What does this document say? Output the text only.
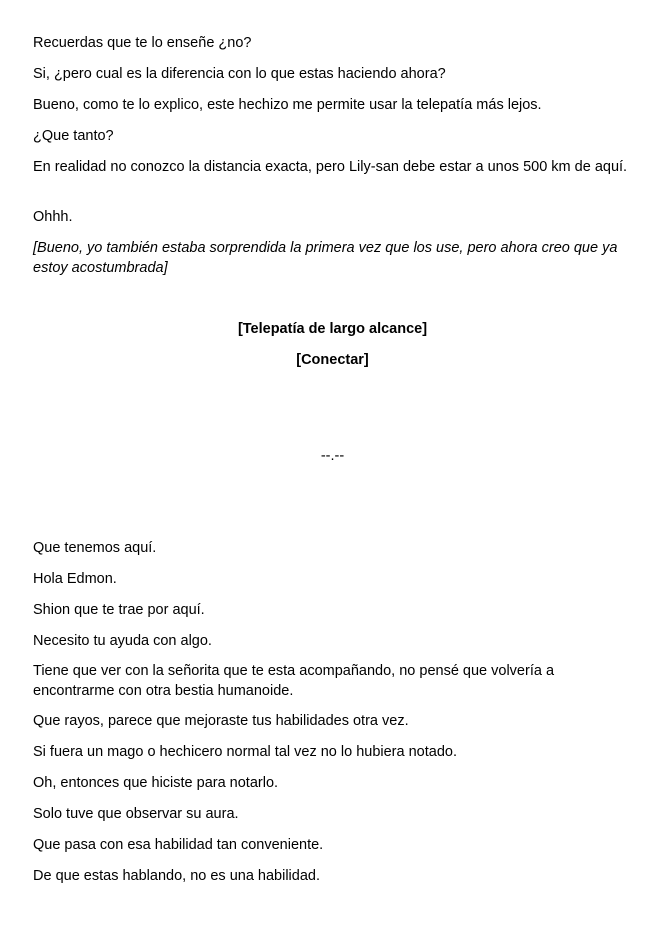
Recuerdas que te lo enseñe ¿no?

Si, ¿pero cual es la diferencia con lo que estas haciendo ahora?

Bueno, como te lo explico, este hechizo me permite usar la telepatía más lejos.

¿Que tanto?

En realidad no conozco la distancia exacta, pero Lily-san debe estar a unos 500 km de aquí.

Ohhh.

[Bueno, yo también estaba sorprendida la primera vez que los use, pero ahora creo que ya estoy acostumbrada]

[Telepatía de largo alcance]

[Conectar]

--.--

Que tenemos aquí.

Hola Edmon.

Shion que te trae por aquí.

Necesito tu ayuda con algo.

Tiene que ver con la señorita que te esta acompañando, no pensé que volvería a encontrarme con otra bestia humanoide.

Que rayos, parece que mejoraste tus habilidades otra vez.

Si fuera un mago o hechicero normal tal vez no lo hubiera notado.

Oh, entonces que hiciste para notarlo.

Solo tuve que observar su aura.

Que pasa con esa habilidad tan conveniente.

De que estas hablando, no es una habilidad.
